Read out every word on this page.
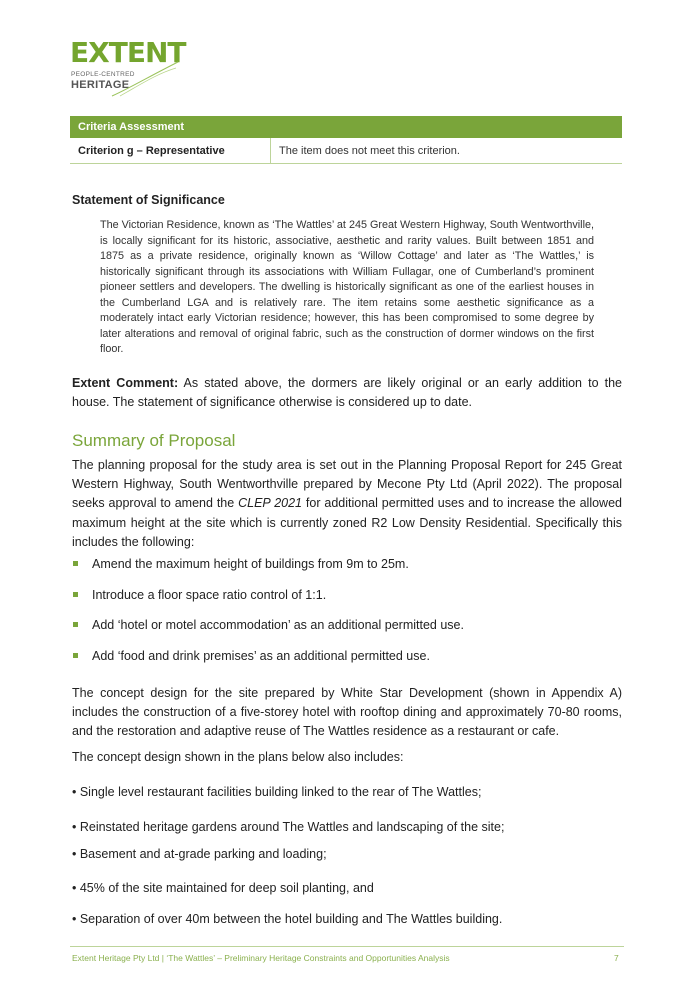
EXTENT
PEOPLE-CENTRED
HERITAGE
Criteria Assessment
Criterion g – Representative	The item does not meet this criterion.
Statement of Significance

The Victorian Residence, known as ‘The Wattles’ at 245 Great Western Highway, South Wentworthville, is locally significant for its historic, associative, aesthetic and rarity values. Built between 1851 and 1875 as a private residence, originally known as ‘Willow Cottage’ and later as ‘The Wattles,’ is historically significant through its associations with William Fullagar, one of Cumberland’s prominent pioneer settlers and developers. The dwelling is historically significant as one of the earliest houses in the Cumberland LGA and is relatively rare. The item retains some aesthetic significance as a moderately intact early Victorian residence; however, this has been compromised to some degree by later alterations and removal of original fabric, such as the construction of dormer windows on the first floor.

Extent Comment: As stated above, the dormers are likely original or an early addition to the house. The statement of significance otherwise is considered up to date.

Summary of Proposal

The planning proposal for the study area is set out in the Planning Proposal Report for 245 Great Western Highway, South Wentworthville prepared by Mecone Pty Ltd (April 2022). The proposal seeks approval to amend the CLEP 2021 for additional permitted uses and to increase the allowed maximum height at the site which is currently zoned R2 Low Density Residential. Specifically this includes the following:

Amend the maximum height of buildings from 9m to 25m.
Introduce a floor space ratio control of 1:1.
Add ‘hotel or motel accommodation’ as an additional permitted use.
Add ‘food and drink premises’ as an additional permitted use.

The concept design for the site prepared by White Star Development (shown in Appendix A) includes the construction of a five-storey hotel with rooftop dining and approximately 70-80 rooms, and the restoration and adaptive reuse of The Wattles residence as a restaurant or cafe.

The concept design shown in the plans below also includes:

• Single level restaurant facilities building linked to the rear of The Wattles;
• Reinstated heritage gardens around The Wattles and landscaping of the site;
• Basement and at-grade parking and loading;
• 45% of the site maintained for deep soil planting, and
• Separation of over 40m between the hotel building and The Wattles building.
Extent Heritage Pty Ltd | ‘The Wattles’ – Preliminary Heritage Constraints and Opportunities Analysis	7
